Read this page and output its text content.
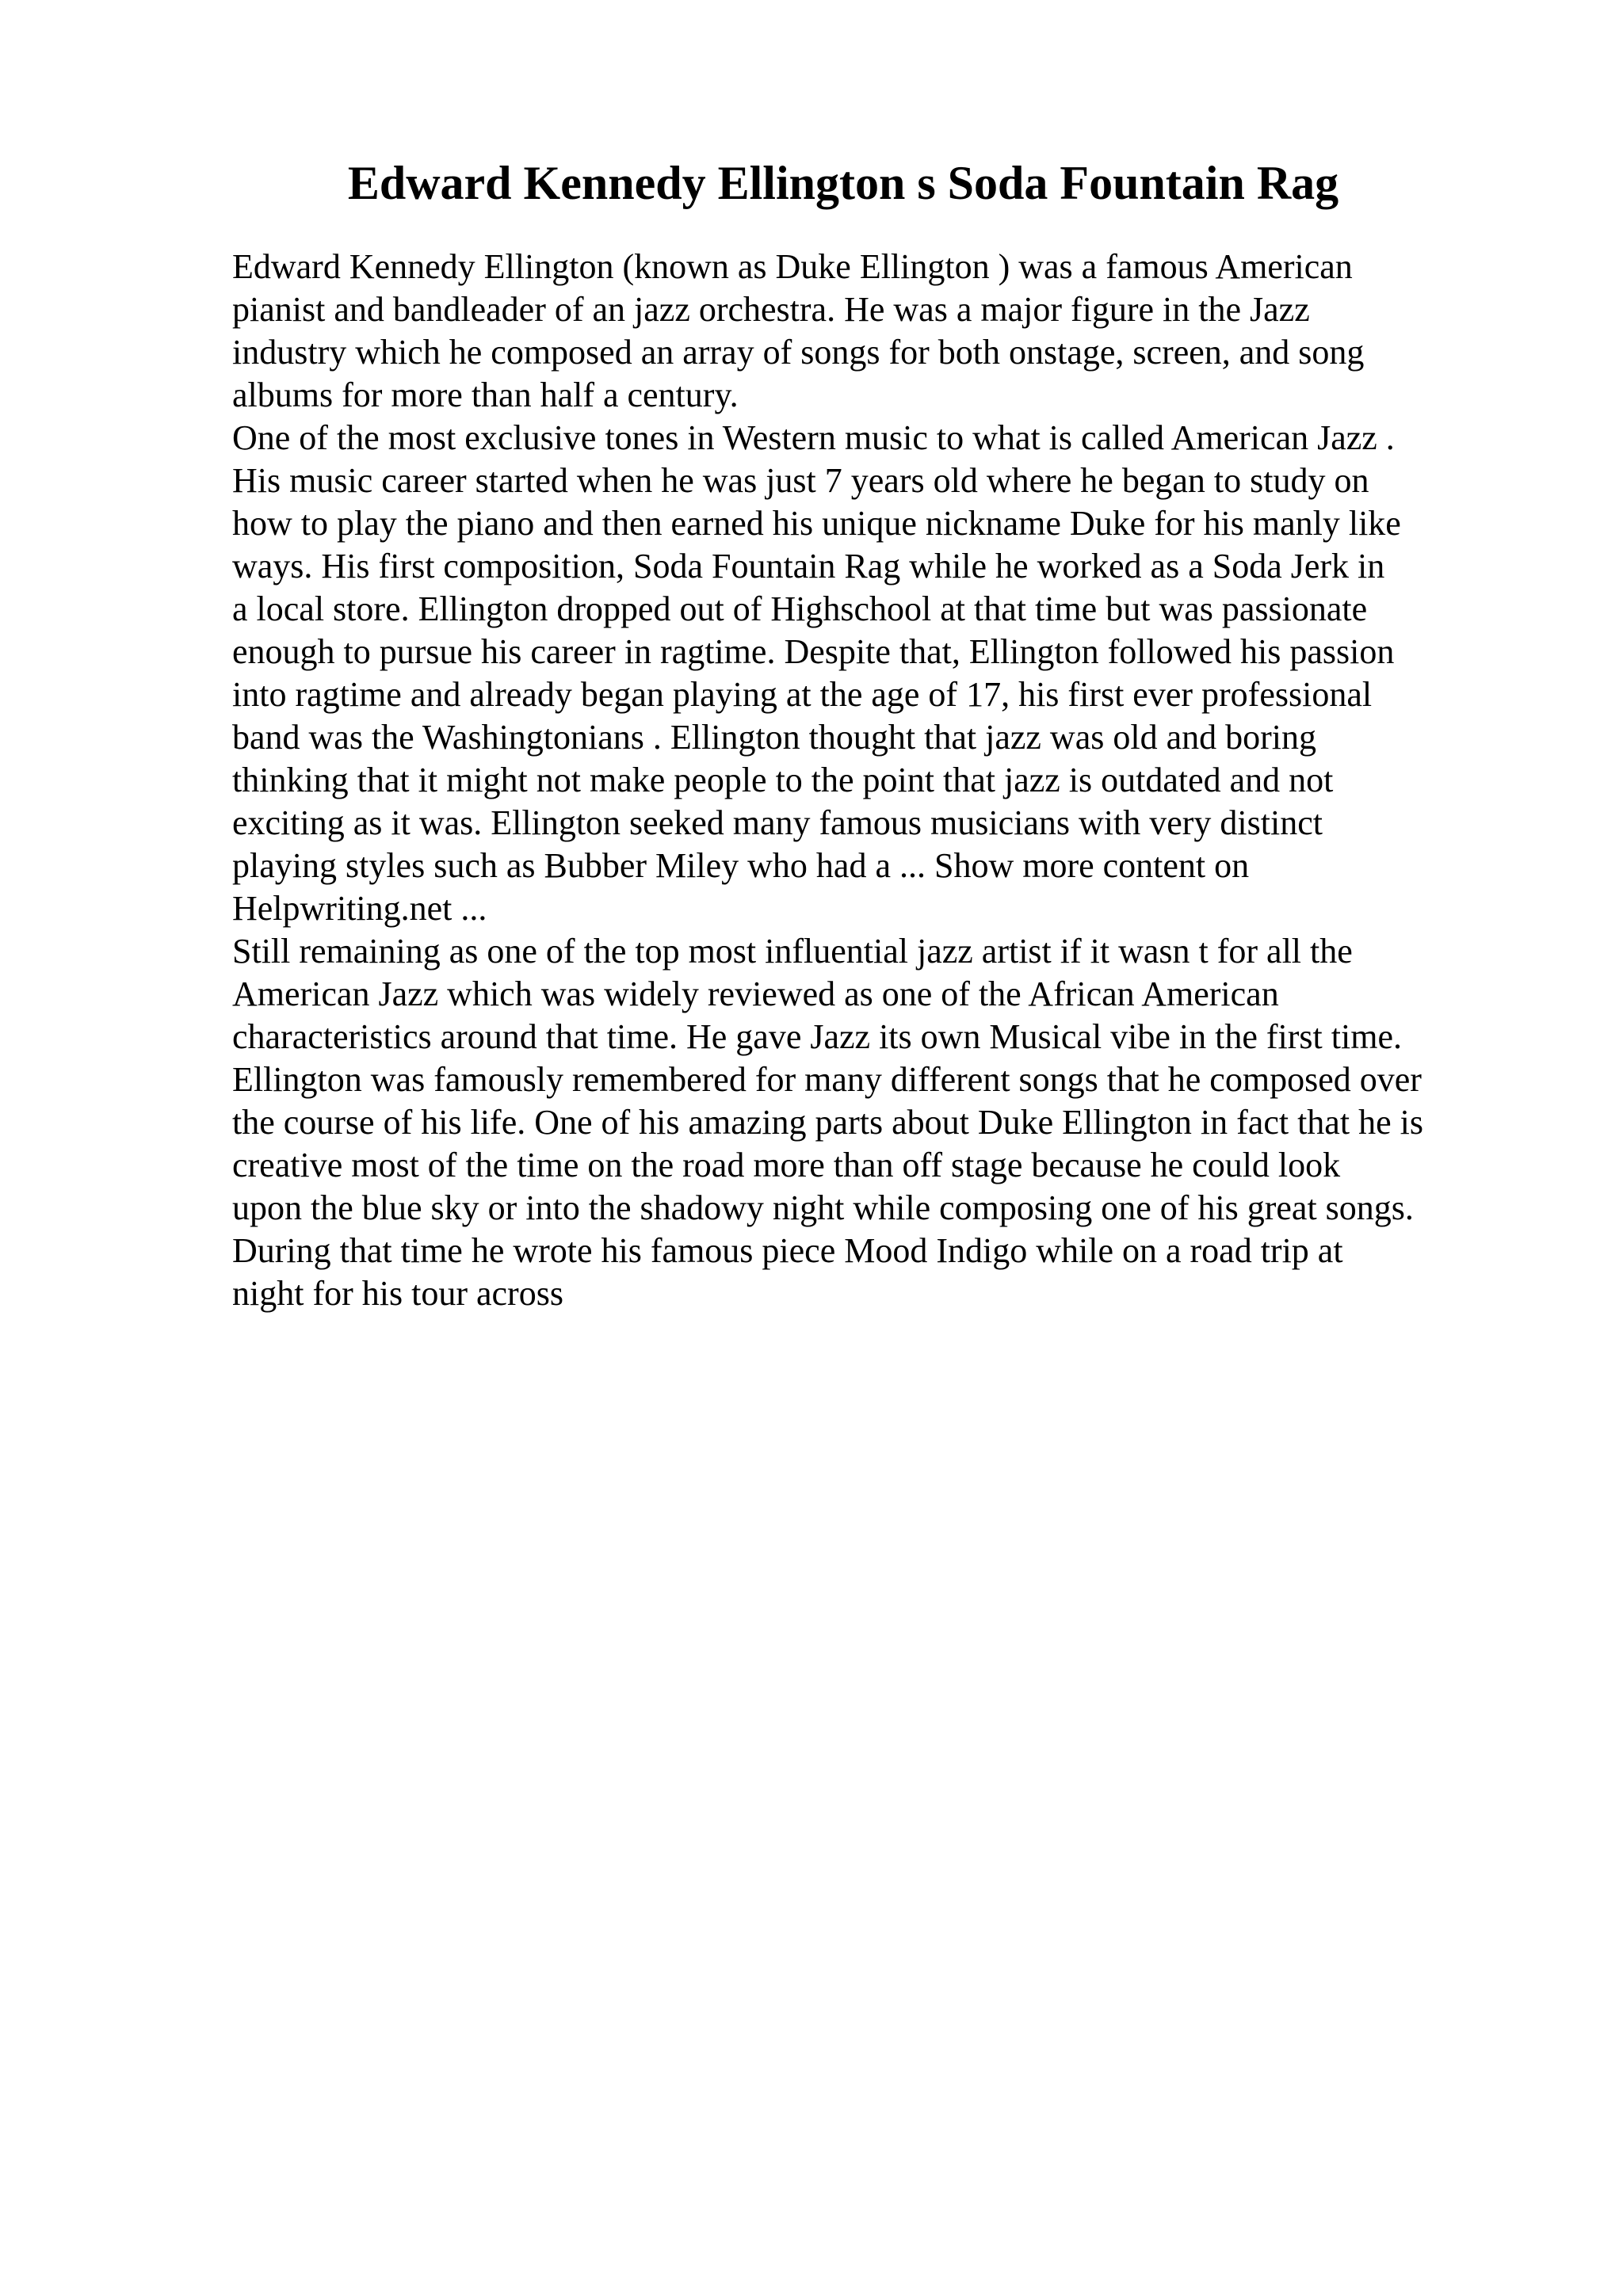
Edward Kennedy Ellington s Soda Fountain Rag
Edward Kennedy Ellington (known as Duke Ellington ) was a famous American
pianist and bandleader of an jazz orchestra. He was a major figure in the Jazz
industry which he composed an array of songs for both onstage, screen, and song
albums for more than half a century.
One of the most exclusive tones in Western music to what is called American Jazz .
His music career started when he was just 7 years old where he began to study on
how to play the piano and then earned his unique nickname Duke for his manly like
ways. His first composition, Soda Fountain Rag while he worked as a Soda Jerk in
a local store. Ellington dropped out of Highschool at that time but was passionate
enough to pursue his career in ragtime. Despite that, Ellington followed his passion
into ragtime and already began playing at the age of 17, his first ever professional
band was the Washingtonians . Ellington thought that jazz was old and boring
thinking that it might not make people to the point that jazz is outdated and not
exciting as it was. Ellington seeked many famous musicians with very distinct
playing styles such as Bubber Miley who had a ... Show more content on
Helpwriting.net ...
Still remaining as one of the top most influential jazz artist if it wasn t for all the
American Jazz which was widely reviewed as one of the African American
characteristics around that time. He gave Jazz its own Musical vibe in the first time.
Ellington was famously remembered for many different songs that he composed over
the course of his life. One of his amazing parts about Duke Ellington in fact that he is
creative most of the time on the road more than off stage because he could look
upon the blue sky or into the shadowy night while composing one of his great songs.
During that time he wrote his famous piece Mood Indigo while on a road trip at
night for his tour across
